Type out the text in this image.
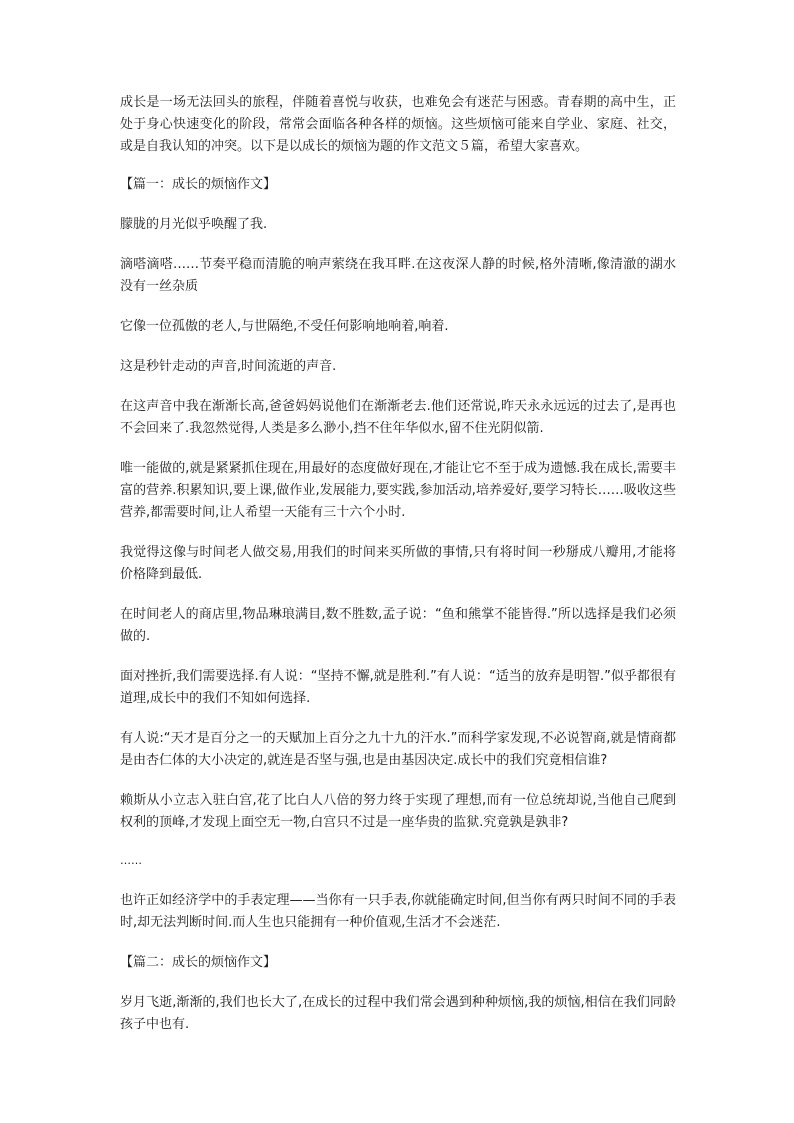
成长是一场无法回头的旅程，伴随着喜悦与收获，也难免会有迷茫与困惑。青春期的高中生，正处于身心快速变化的阶段，常常会面临各种各样的烦恼。这些烦恼可能来自学业、家庭、社交，或是自我认知的冲突。以下是以成长的烦恼为题的作文范文５篇，希望大家喜欢。

【篇一：成长的烦恼作文】

朦胧的月光似乎唤醒了我.

滴嗒滴嗒……节奏平稳而清脆的响声萦绕在我耳畔.在这夜深人静的时候,格外清晰,像清澈的湖水没有一丝杂质

它像一位孤傲的老人,与世隔绝,不受任何影响地响着,响着.

这是秒针走动的声音,时间流逝的声音.

在这声音中我在渐渐长高,爸爸妈妈说他们在渐渐老去.他们还常说,昨天永永远远的过去了,是再也不会回来了.我忽然觉得,人类是多么渺小,挡不住年华似水,留不住光阴似箭.

唯一能做的,就是紧紧抓住现在,用最好的态度做好现在,才能让它不至于成为遗憾.我在成长,需要丰富的营养.积累知识,要上课,做作业,发展能力,要实践,参加活动,培养爱好,要学习特长……吸收这些营养,都需要时间,让人希望一天能有三十六个小时.

我觉得这像与时间老人做交易,用我们的时间来买所做的事情,只有将时间一秒掰成八瓣用,才能将价格降到最低.

在时间老人的商店里,物品琳琅满目,数不胜数,孟子说：“鱼和熊掌不能皆得.”所以选择是我们必须做的.

面对挫折,我们需要选择.有人说：“坚持不懈,就是胜利.”有人说：“适当的放弃是明智.”似乎都很有道理,成长中的我们不知如何选择.

有人说:“天才是百分之一的天赋加上百分之九十九的汗水.”而科学家发现,不必说智商,就是情商都是由杏仁体的大小决定的,就连是否坚与强,也是由基因决定.成长中的我们究竟相信谁?

赖斯从小立志入驻白宫,花了比白人八倍的努力终于实现了理想,而有一位总统却说,当他自己爬到权利的顶峰,才发现上面空无一物,白宫只不过是一座华贵的监狱.究竟孰是孰非?

……

也许正如经济学中的手表定理——当你有一只手表,你就能确定时间,但当你有两只时间不同的手表时,却无法判断时间.而人生也只能拥有一种价值观,生活才不会迷茫.

【篇二：成长的烦恼作文】

岁月飞逝,渐渐的,我们也长大了,在成长的过程中我们常会遇到种种烦恼,我的烦恼,相信在我们同龄孩子中也有.
